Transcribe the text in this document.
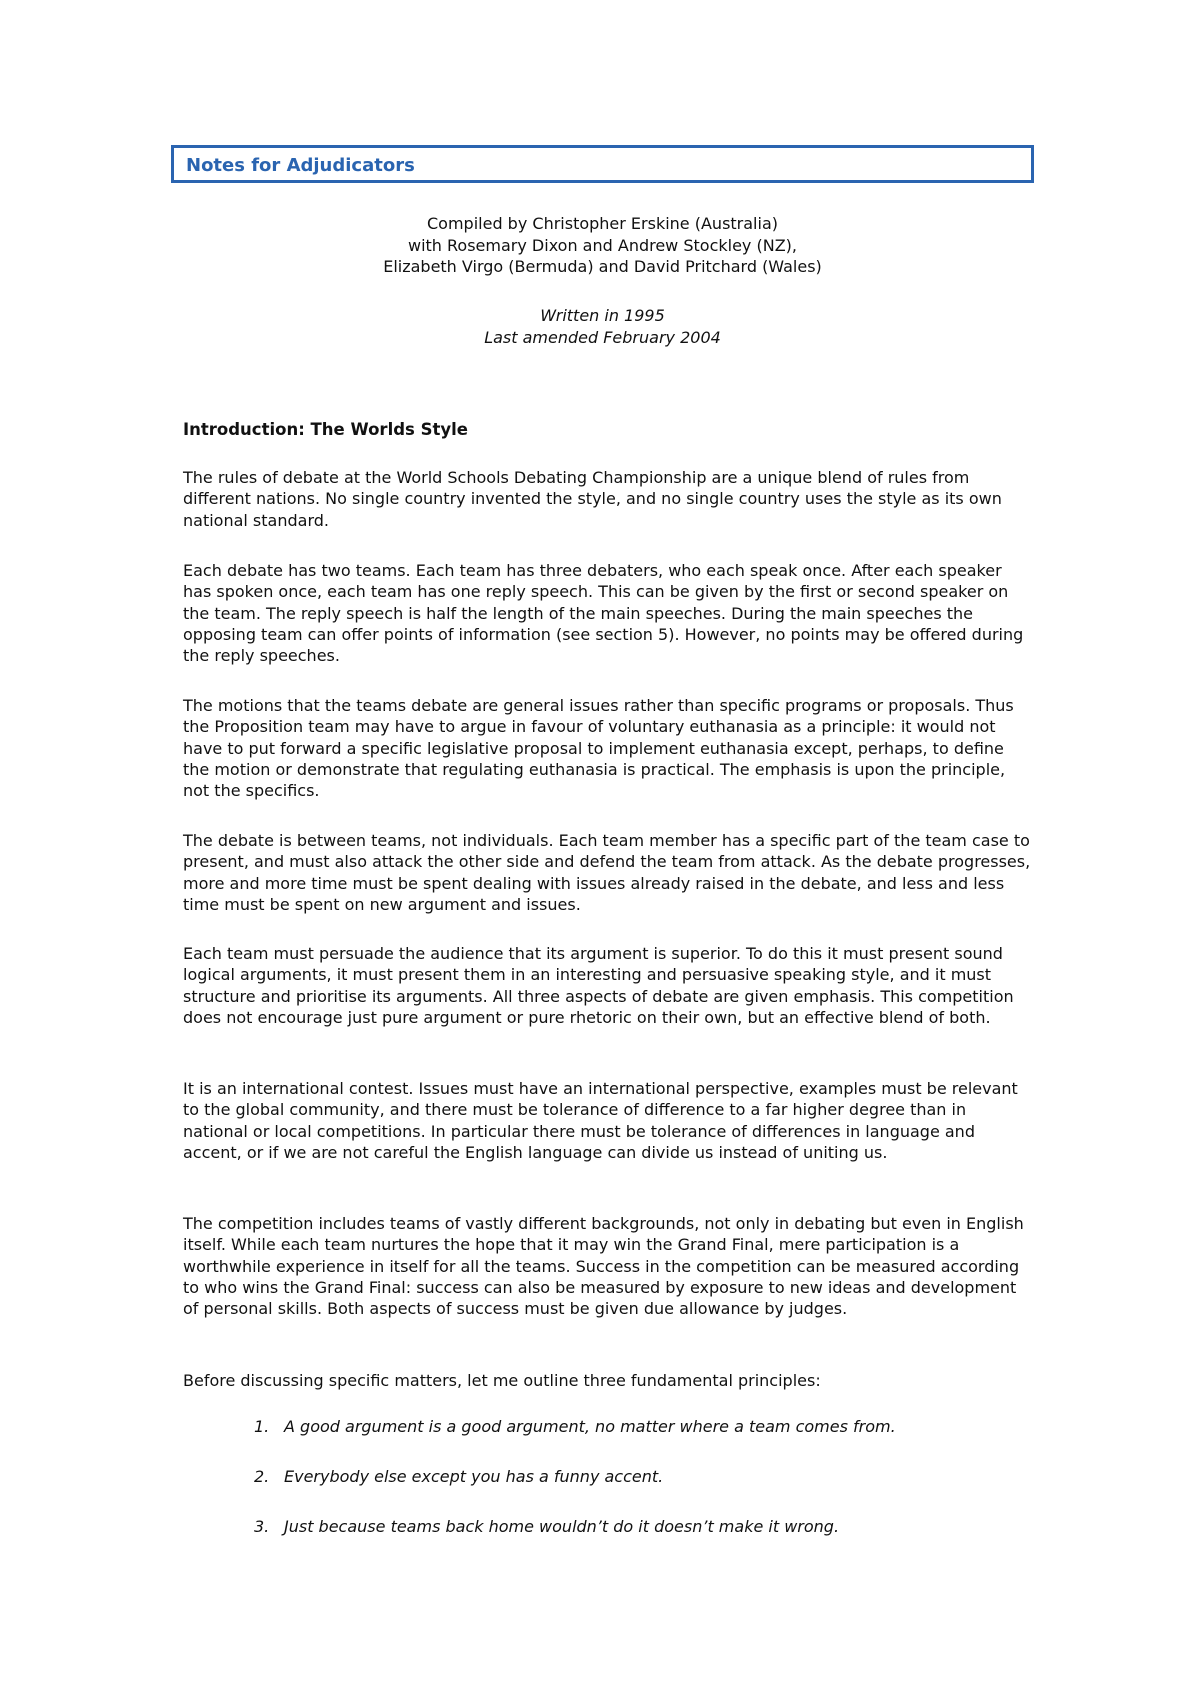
Notes for Adjudicators
Compiled by Christopher Erskine (Australia)
with Rosemary Dixon and Andrew Stockley (NZ),
Elizabeth Virgo (Bermuda) and David Pritchard (Wales)
Written in 1995
Last amended February 2004
Introduction: The Worlds Style

The rules of debate at the World Schools Debating Championship are a unique blend of rules from different nations. No single country invented the style, and no single country uses the style as its own national standard.

Each debate has two teams. Each team has three debaters, who each speak once. After each speaker has spoken once, each team has one reply speech. This can be given by the first or second speaker on the team. The reply speech is half the length of the main speeches. During the main speeches the opposing team can offer points of information (see section 5). However, no points may be offered during the reply speeches.

The motions that the teams debate are general issues rather than specific programs or proposals. Thus the Proposition team may have to argue in favour of voluntary euthanasia as a principle: it would not have to put forward a specific legislative proposal to implement euthanasia except, perhaps, to define the motion or demonstrate that regulating euthanasia is practical. The emphasis is upon the principle, not the specifics.

The debate is between teams, not individuals. Each team member has a specific part of the team case to present, and must also attack the other side and defend the team from attack. As the debate progresses, more and more time must be spent dealing with issues already raised in the debate, and less and less time must be spent on new argument and issues.

Each team must persuade the audience that its argument is superior. To do this it must present sound logical arguments, it must present them in an interesting and persuasive speaking style, and it must structure and prioritise its arguments. All three aspects of debate are given emphasis. This competition does not encourage just pure argument or pure rhetoric on their own, but an effective blend of both.

It is an international contest. Issues must have an international perspective, examples must be relevant to the global community, and there must be tolerance of difference to a far higher degree than in national or local competitions. In particular there must be tolerance of differences in language and accent, or if we are not careful the English language can divide us instead of uniting us.

The competition includes teams of vastly different backgrounds, not only in debating but even in English itself. While each team nurtures the hope that it may win the Grand Final, mere participation is a worthwhile experience in itself for all the teams. Success in the competition can be measured according to who wins the Grand Final: success can also be measured by exposure to new ideas and development of personal skills. Both aspects of success must be given due allowance by judges.

Before discussing specific matters, let me outline three fundamental principles:

1. A good argument is a good argument, no matter where a team comes from.
2. Everybody else except you has a funny accent.
3. Just because teams back home wouldn’t do it doesn’t make it wrong.
